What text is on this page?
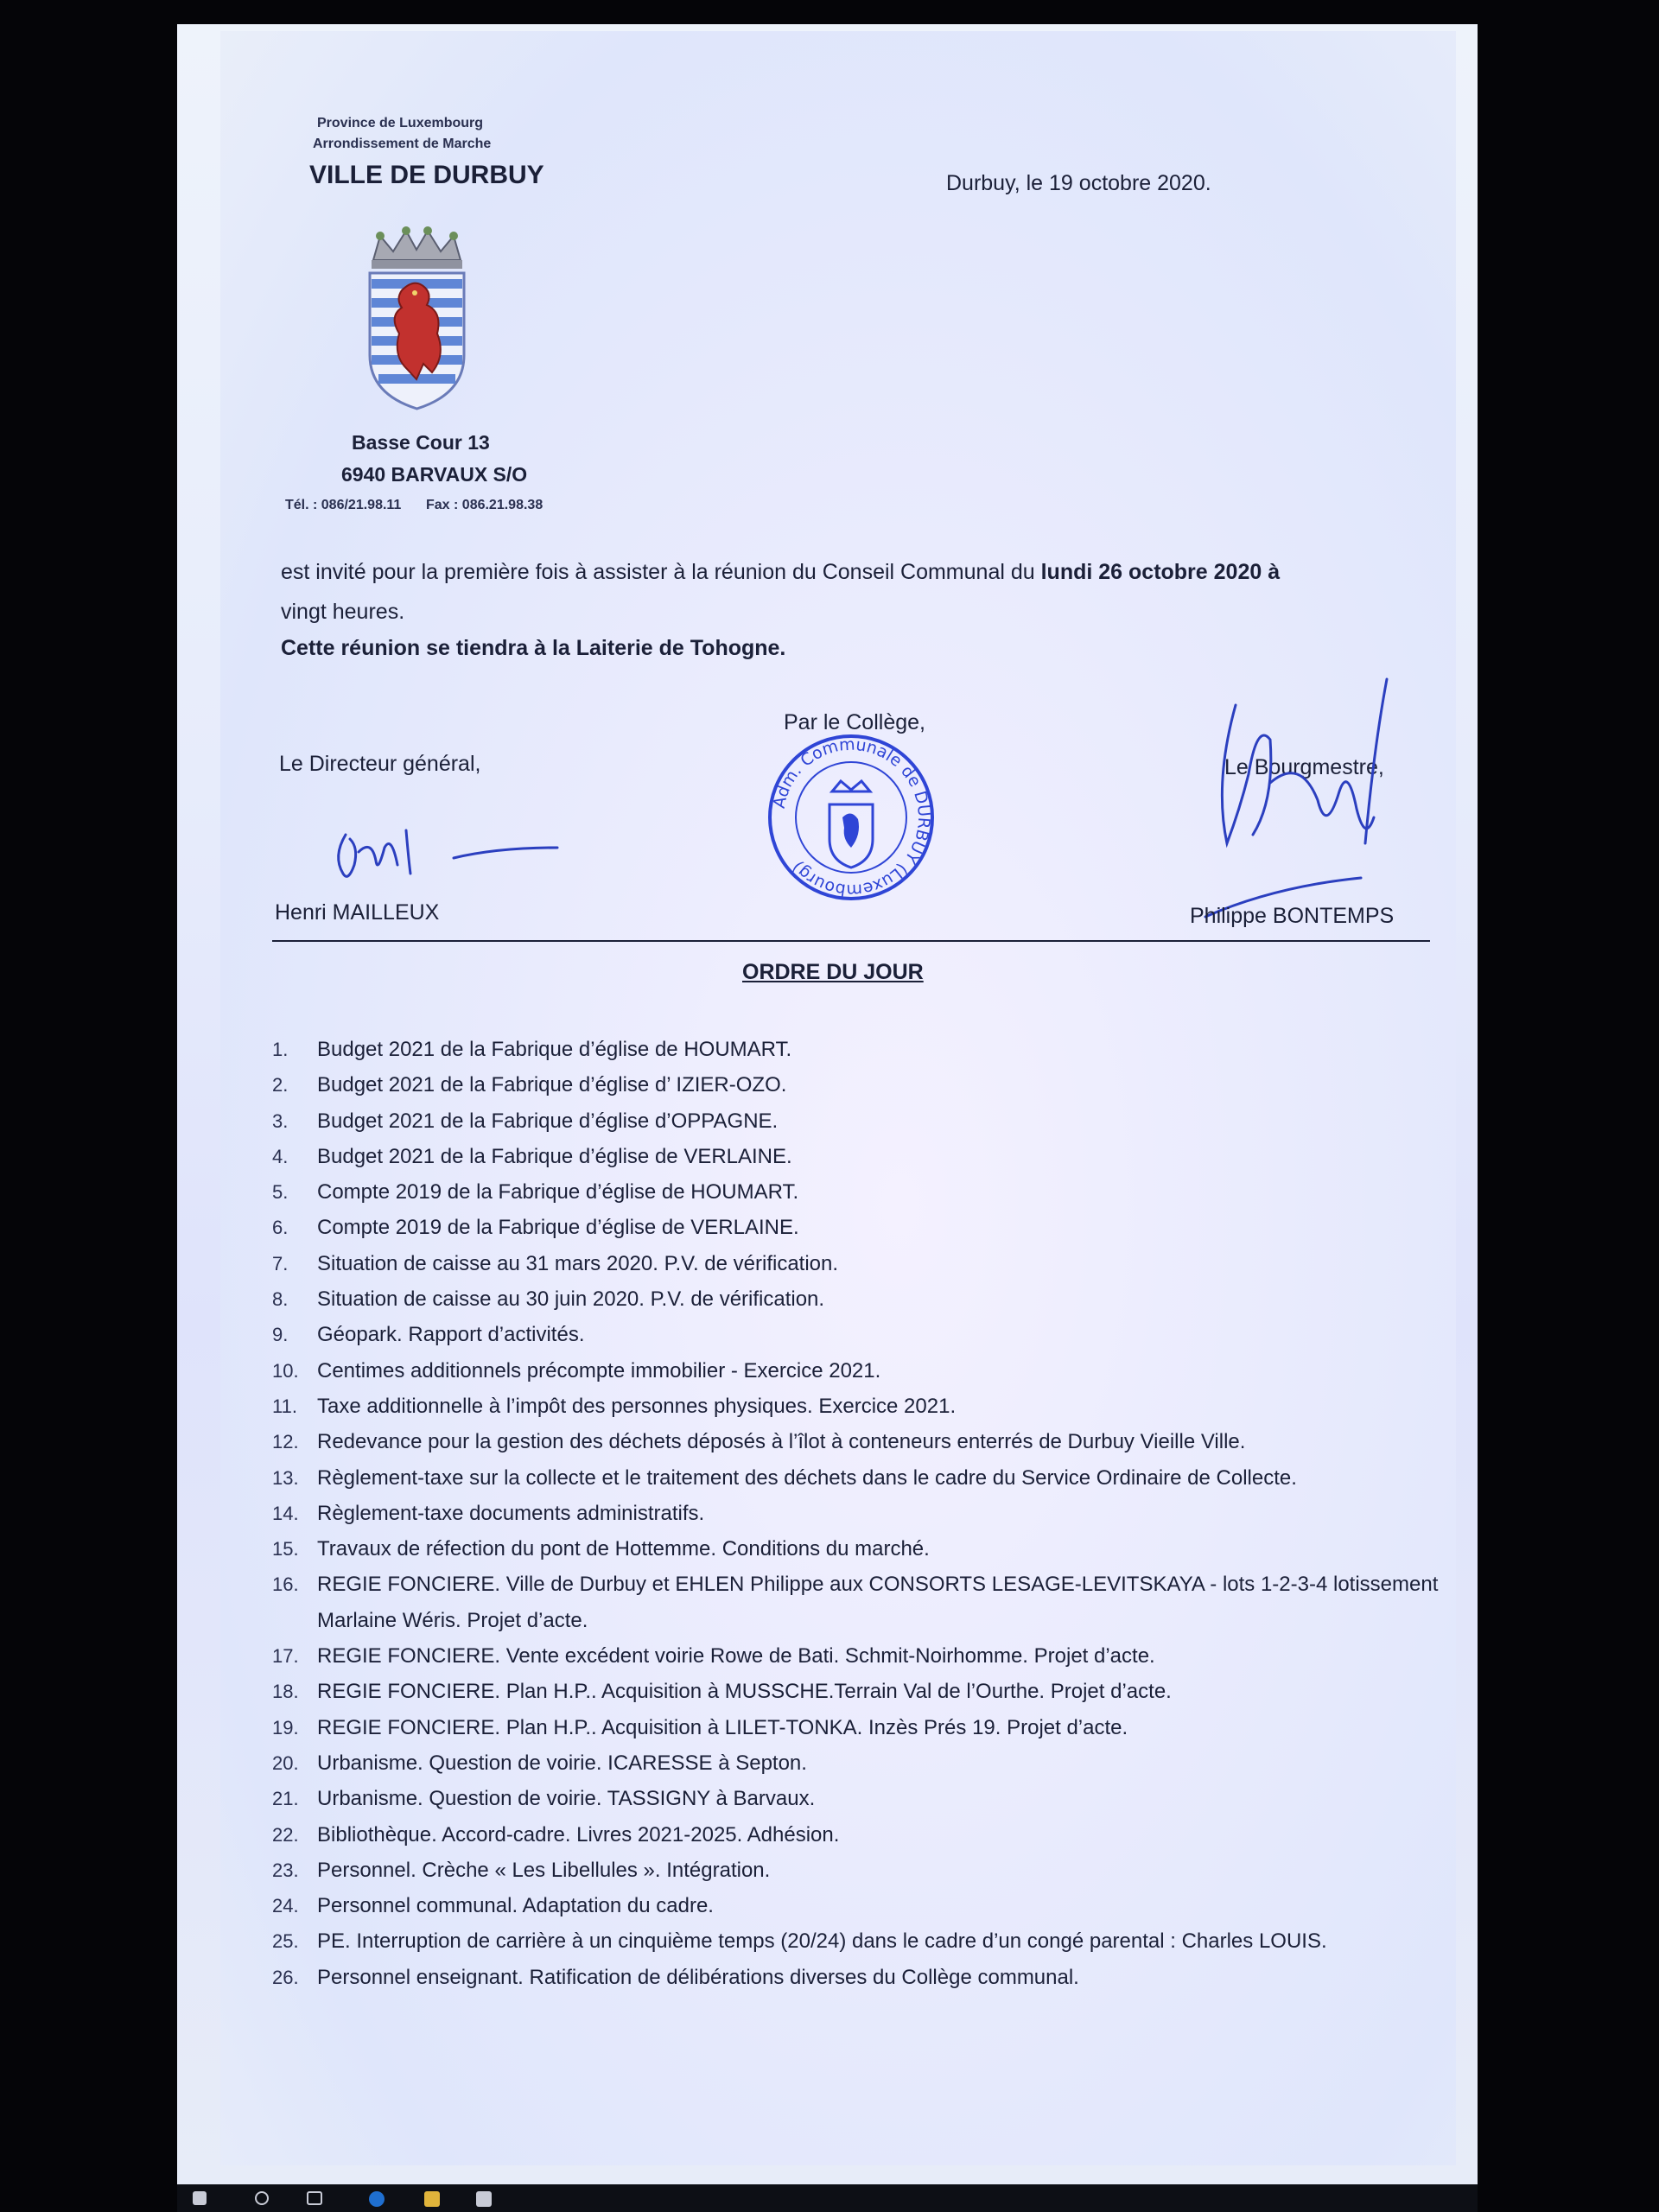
Province de Luxembourg
Arrondissement de Marche
VILLE DE DURBUY
Basse Cour 13
6940 BARVAUX S/O
Tél. : 086/21.98.11 Fax : 086.21.98.38
Durbuy, le 19 octobre 2020.
est invité pour la première fois à assister à la réunion du Conseil Communal du lundi 26 octobre 2020 à
vingt heures.
Cette réunion se tiendra à la Laiterie de Tohogne.
Le Directeur général,
Par le Collège,
Le Bourgmestre,
Adm. Communale de DURBUY (Luxembourg)
Henri MAILLEUX	Philippe BONTEMPS
ORDRE DU JOUR
1.	Budget 2021 de la Fabrique d’église de HOUMART.
2.	Budget 2021 de la Fabrique d’église d’ IZIER-OZO.
3.	Budget 2021 de la Fabrique d’église d’OPPAGNE.
4.	Budget 2021 de la Fabrique d’église de VERLAINE.
5.	Compte 2019 de la Fabrique d’église de HOUMART.
6.	Compte 2019 de la Fabrique d’église de VERLAINE.
7.	Situation de caisse au 31 mars 2020. P.V. de vérification.
8.	Situation de caisse au 30 juin 2020. P.V. de vérification.
9.	Géopark. Rapport d’activités.
10. Centimes additionnels précompte immobilier - Exercice 2021.
11. Taxe additionnelle à l’impôt des personnes physiques. Exercice 2021.
12. Redevance pour la gestion des déchets déposés à l’îlot à conteneurs enterrés de Durbuy Vieille Ville.
13. Règlement-taxe sur la collecte et le traitement des déchets dans le cadre du Service Ordinaire de Collecte.
14. Règlement-taxe documents administratifs.
15. Travaux de réfection du pont de Hottemme. Conditions du marché.
16. REGIE FONCIERE. Ville de Durbuy et EHLEN Philippe aux CONSORTS LESAGE-LEVITSKAYA - lots 1-2-3-4 lotissement Marlaine Wéris. Projet d’acte.
17. REGIE FONCIERE. Vente excédent voirie Rowe de Bati. Schmit-Noirhomme. Projet d’acte.
18. REGIE FONCIERE. Plan H.P.. Acquisition à MUSSCHE.Terrain Val de l’Ourthe. Projet d’acte.
19. REGIE FONCIERE. Plan H.P.. Acquisition à LILET-TONKA. Inzès Prés 19. Projet d’acte.
20. Urbanisme. Question de voirie. ICARESSE à Septon.
21. Urbanisme. Question de voirie. TASSIGNY à Barvaux.
22. Bibliothèque. Accord-cadre. Livres 2021-2025. Adhésion.
23. Personnel. Crèche « Les Libellules ». Intégration.
24. Personnel communal. Adaptation du cadre.
25. PE. Interruption de carrière à un cinquième temps (20/24) dans le cadre d’un congé parental : Charles LOUIS.
26. Personnel enseignant. Ratification de délibérations diverses du Collège communal.
